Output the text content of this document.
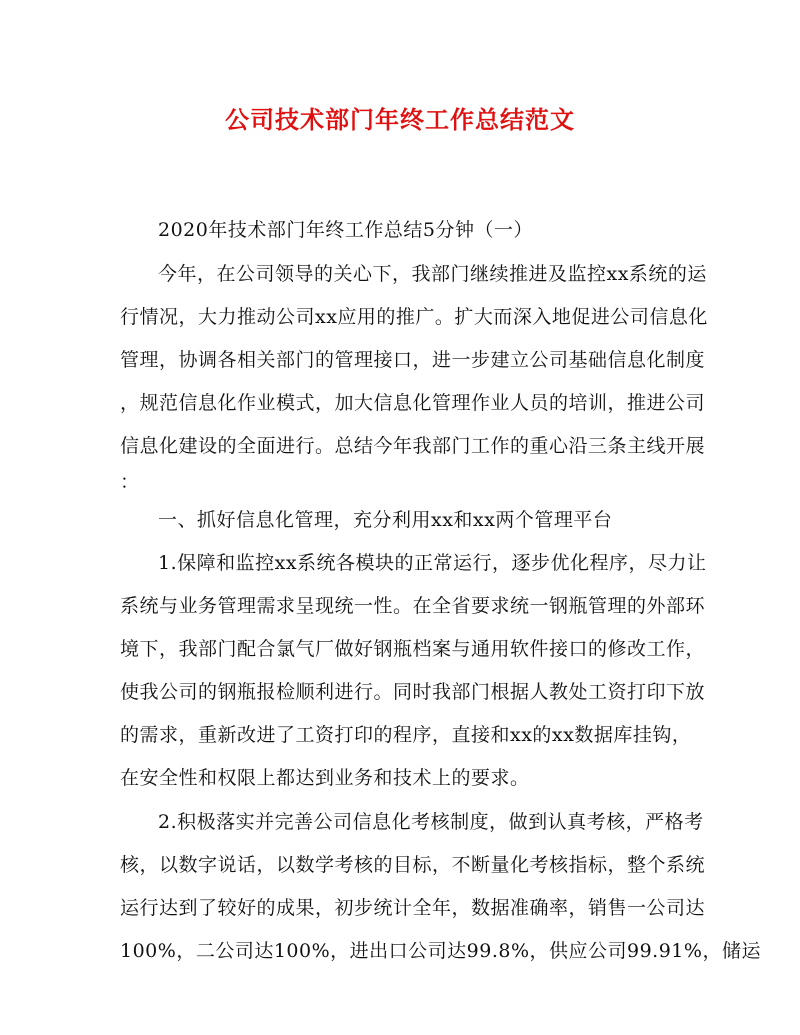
公司技术部门年终工作总结范文
2020年技术部门年终工作总结5分钟（一）
今年，在公司领导的关心下，我部门继续推进及监控xx系统的运
行情况，大力推动公司xx应用的推广。扩大而深入地促进公司信息化
管理，协调各相关部门的管理接口，进一步建立公司基础信息化制度
，规范信息化作业模式，加大信息化管理作业人员的培训，推进公司
信息化建设的全面进行。总结今年我部门工作的重心沿三条主线开展
：
一、抓好信息化管理，充分利用xx和xx两个管理平台
1.保障和监控xx系统各模块的正常运行，逐步优化程序，尽力让
系统与业务管理需求呈现统一性。在全省要求统一钢瓶管理的外部环
境下，我部门配合氯气厂做好钢瓶档案与通用软件接口的修改工作，
使我公司的钢瓶报检顺利进行。同时我部门根据人教处工资打印下放
的需求，重新改进了工资打印的程序，直接和xx的xx数据库挂钩，
在安全性和权限上都达到业务和技术上的要求。
2.积极落实并完善公司信息化考核制度，做到认真考核，严格考
核，以数字说话，以数学考核的目标，不断量化考核指标，整个系统
运行达到了较好的成果，初步统计全年，数据准确率，销售一公司达
100%，二公司达100%，进出口公司达99.8%，供应公司99.91%，储运
